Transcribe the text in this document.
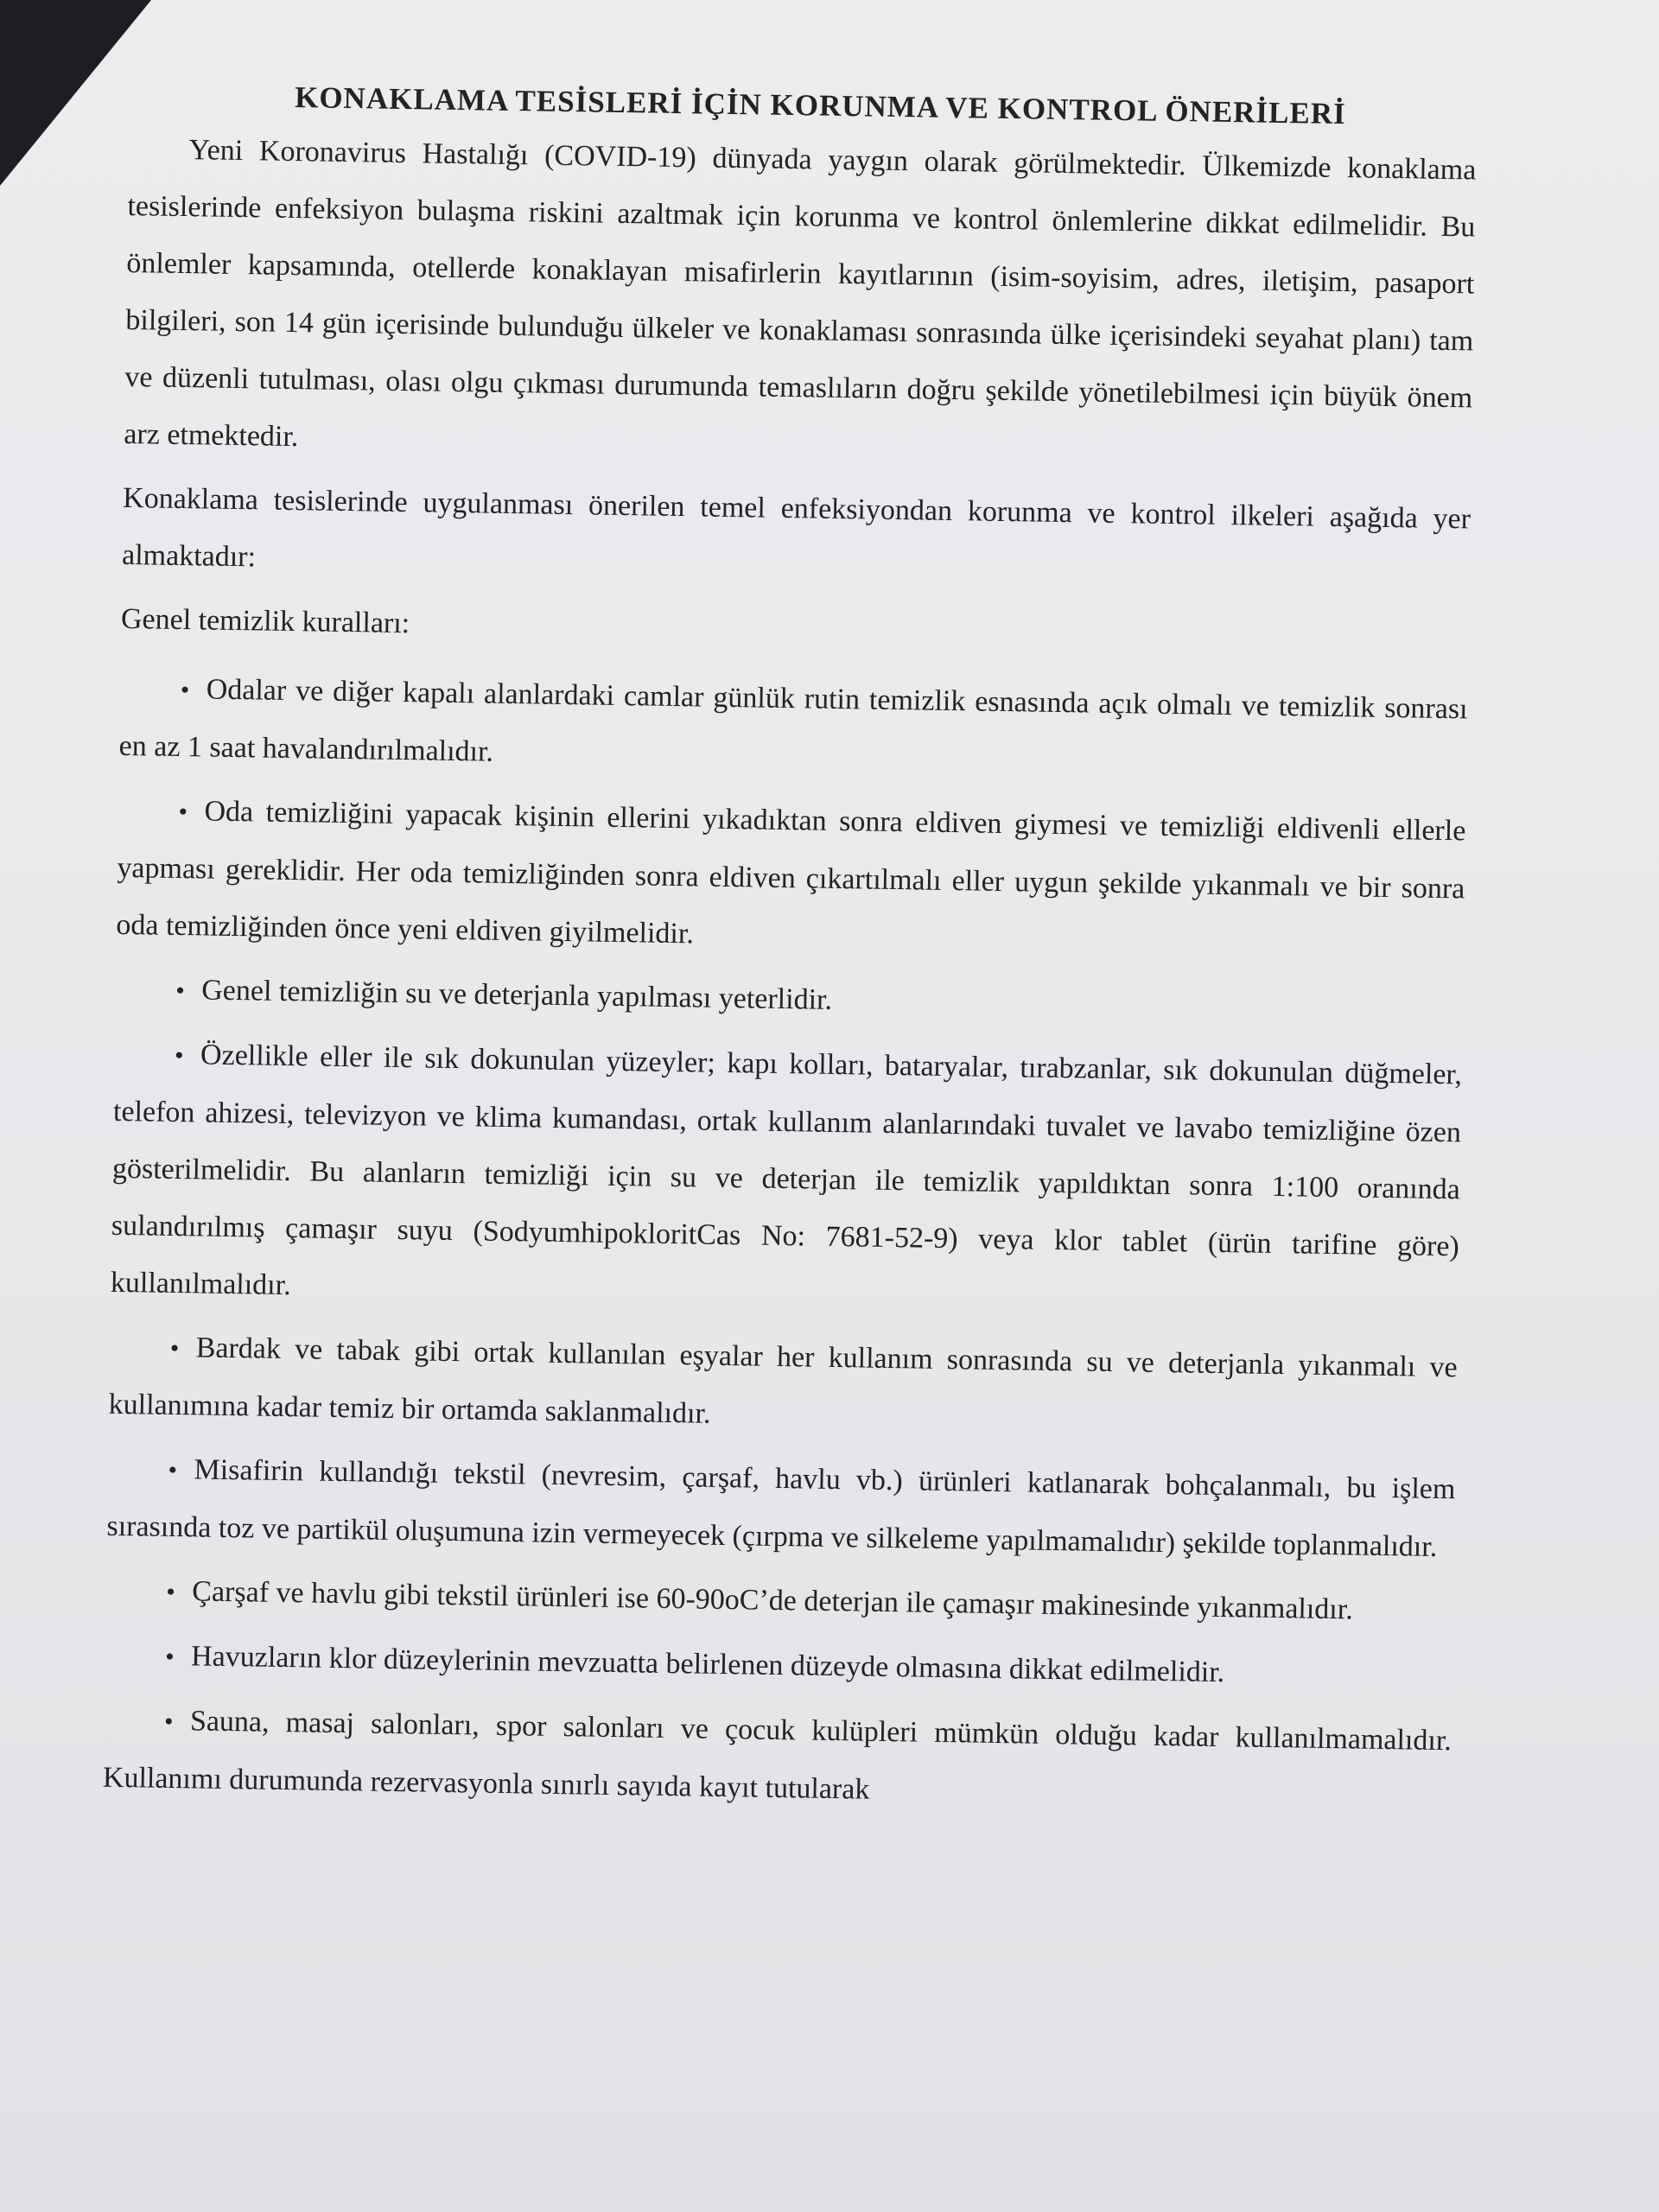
KONAKLAMA TESİSLERİ İÇİN KORUNMA VE KONTROL ÖNERİLERİ

Yeni Koronavirus Hastalığı (COVID-19) dünyada yaygın olarak görülmektedir. Ülkemizde konaklama tesislerinde enfeksiyon bulaşma riskini azaltmak için korunma ve kontrol önlemlerine dikkat edilmelidir. Bu önlemler kapsamında, otellerde konaklayan misafirlerin kayıtlarının (isim-soyisim, adres, iletişim, pasaport bilgileri, son 14 gün içerisinde bulunduğu ülkeler ve konaklaması sonrasında ülke içerisindeki seyahat planı) tam ve düzenli tutulması, olası olgu çıkması durumunda temaslıların doğru şekilde yönetilebilmesi için büyük önem arz etmektedir.

Konaklama tesislerinde uygulanması önerilen temel enfeksiyondan korunma ve kontrol ilkeleri aşağıda yer almaktadır:

Genel temizlik kuralları:

• Odalar ve diğer kapalı alanlardaki camlar günlük rutin temizlik esnasında açık olmalı ve temizlik sonrası en az 1 saat havalandırılmalıdır.

• Oda temizliğini yapacak kişinin ellerini yıkadıktan sonra eldiven giymesi ve temizliği eldivenli ellerle yapması gereklidir. Her oda temizliğinden sonra eldiven çıkartılmalı eller uygun şekilde yıkanmalı ve bir sonra oda temizliğinden önce yeni eldiven giyilmelidir.

• Genel temizliğin su ve deterjanla yapılması yeterlidir.

• Özellikle eller ile sık dokunulan yüzeyler; kapı kolları, bataryalar, tırabzanlar, sık dokunulan düğmeler, telefon ahizesi, televizyon ve klima kumandası, ortak kullanım alanlarındaki tuvalet ve lavabo temizliğine özen gösterilmelidir. Bu alanların temizliği için su ve deterjan ile temizlik yapıldıktan sonra 1:100 oranında sulandırılmış çamaşır suyu (SodyumhipokloritCas No: 7681-52-9) veya klor tablet (ürün tarifine göre) kullanılmalıdır.

• Bardak ve tabak gibi ortak kullanılan eşyalar her kullanım sonrasında su ve deterjanla yıkanmalı ve kullanımına kadar temiz bir ortamda saklanmalıdır.

• Misafirin kullandığı tekstil (nevresim, çarşaf, havlu vb.) ürünleri katlanarak bohçalanmalı, bu işlem sırasında toz ve partikül oluşumuna izin vermeyecek (çırpma ve silkeleme yapılmamalıdır) şekilde toplanmalıdır.

• Çarşaf ve havlu gibi tekstil ürünleri ise 60-90oC’de deterjan ile çamaşır makinesinde yıkanmalıdır.

• Havuzların klor düzeylerinin mevzuatta belirlenen düzeyde olmasına dikkat edilmelidir.

• Sauna, masaj salonları, spor salonları ve çocuk kulüpleri mümkün olduğu kadar kullanılmamalıdır. Kullanımı durumunda rezervasyonla sınırlı sayıda kayıt tutularak
